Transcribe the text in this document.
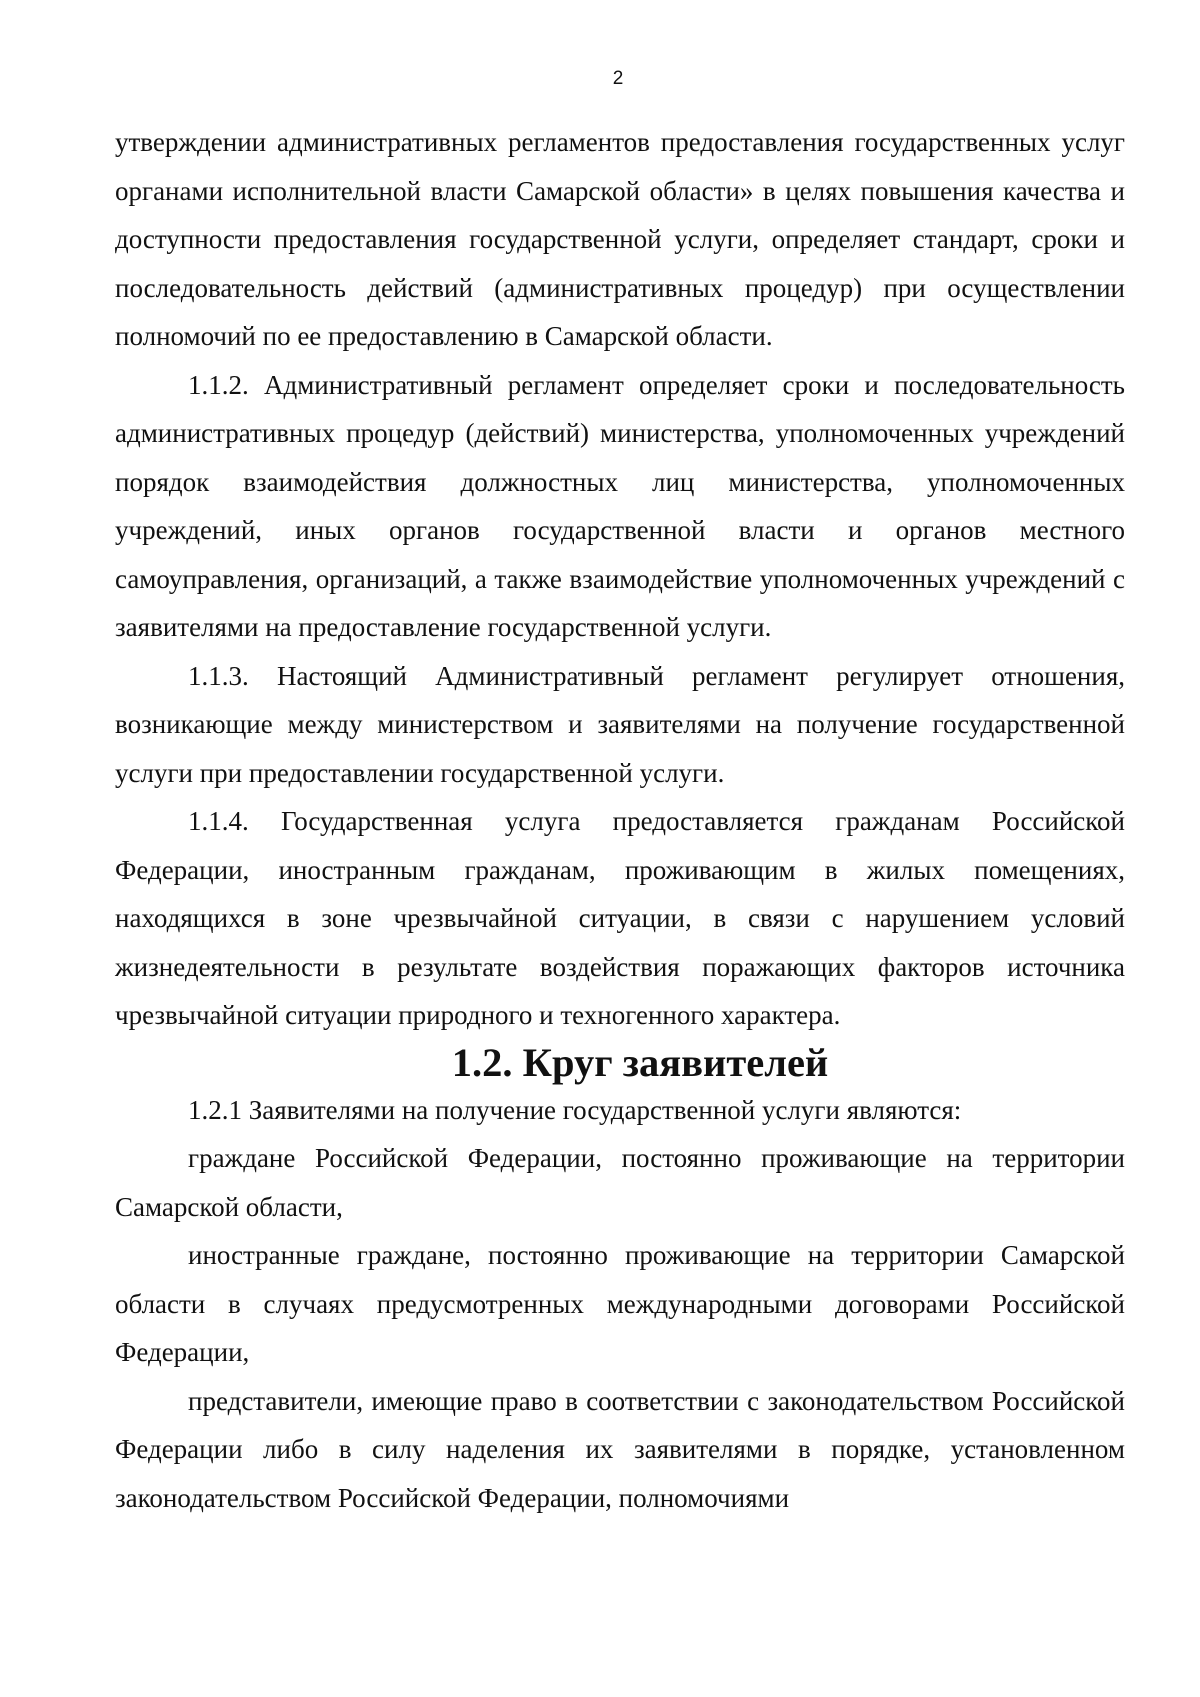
2

утверждении административных регламентов предоставления государственных услуг органами исполнительной власти Самарской области» в целях повышения качества и доступности предоставления государственной услуги, определяет стандарт, сроки и последовательность действий (административных процедур) при осуществлении полномочий по ее предоставлению в Самарской области.

1.1.2. Административный регламент определяет сроки и последовательность административных процедур (действий) министерства, уполномоченных учреждений порядок взаимодействия должностных лиц министерства, уполномоченных учреждений, иных органов государственной власти и органов местного самоуправления, организаций, а также взаимодействие уполномоченных учреждений с заявителями на предоставление государственной услуги.

1.1.3. Настоящий Административный регламент регулирует отношения, возникающие между министерством и заявителями на получение государственной услуги при предоставлении государственной услуги.

1.1.4. Государственная услуга предоставляется гражданам Российской Федерации, иностранным гражданам, проживающим в жилых помещениях, находящихся в зоне чрезвычайной ситуации, в связи с нарушением условий жизнедеятельности в результате воздействия поражающих факторов источника чрезвычайной ситуации природного и техногенного характера.

1.2. Круг заявителей

1.2.1 Заявителями на получение государственной услуги являются:

граждане Российской Федерации, постоянно проживающие на территории Самарской области,

иностранные граждане, постоянно проживающие на территории Самарской области в случаях предусмотренных международными договорами Российской Федерации,

представители, имеющие право в соответствии с законодательством Российской Федерации либо в силу наделения их заявителями в порядке, установленном законодательством Российской Федерации, полномочиями
